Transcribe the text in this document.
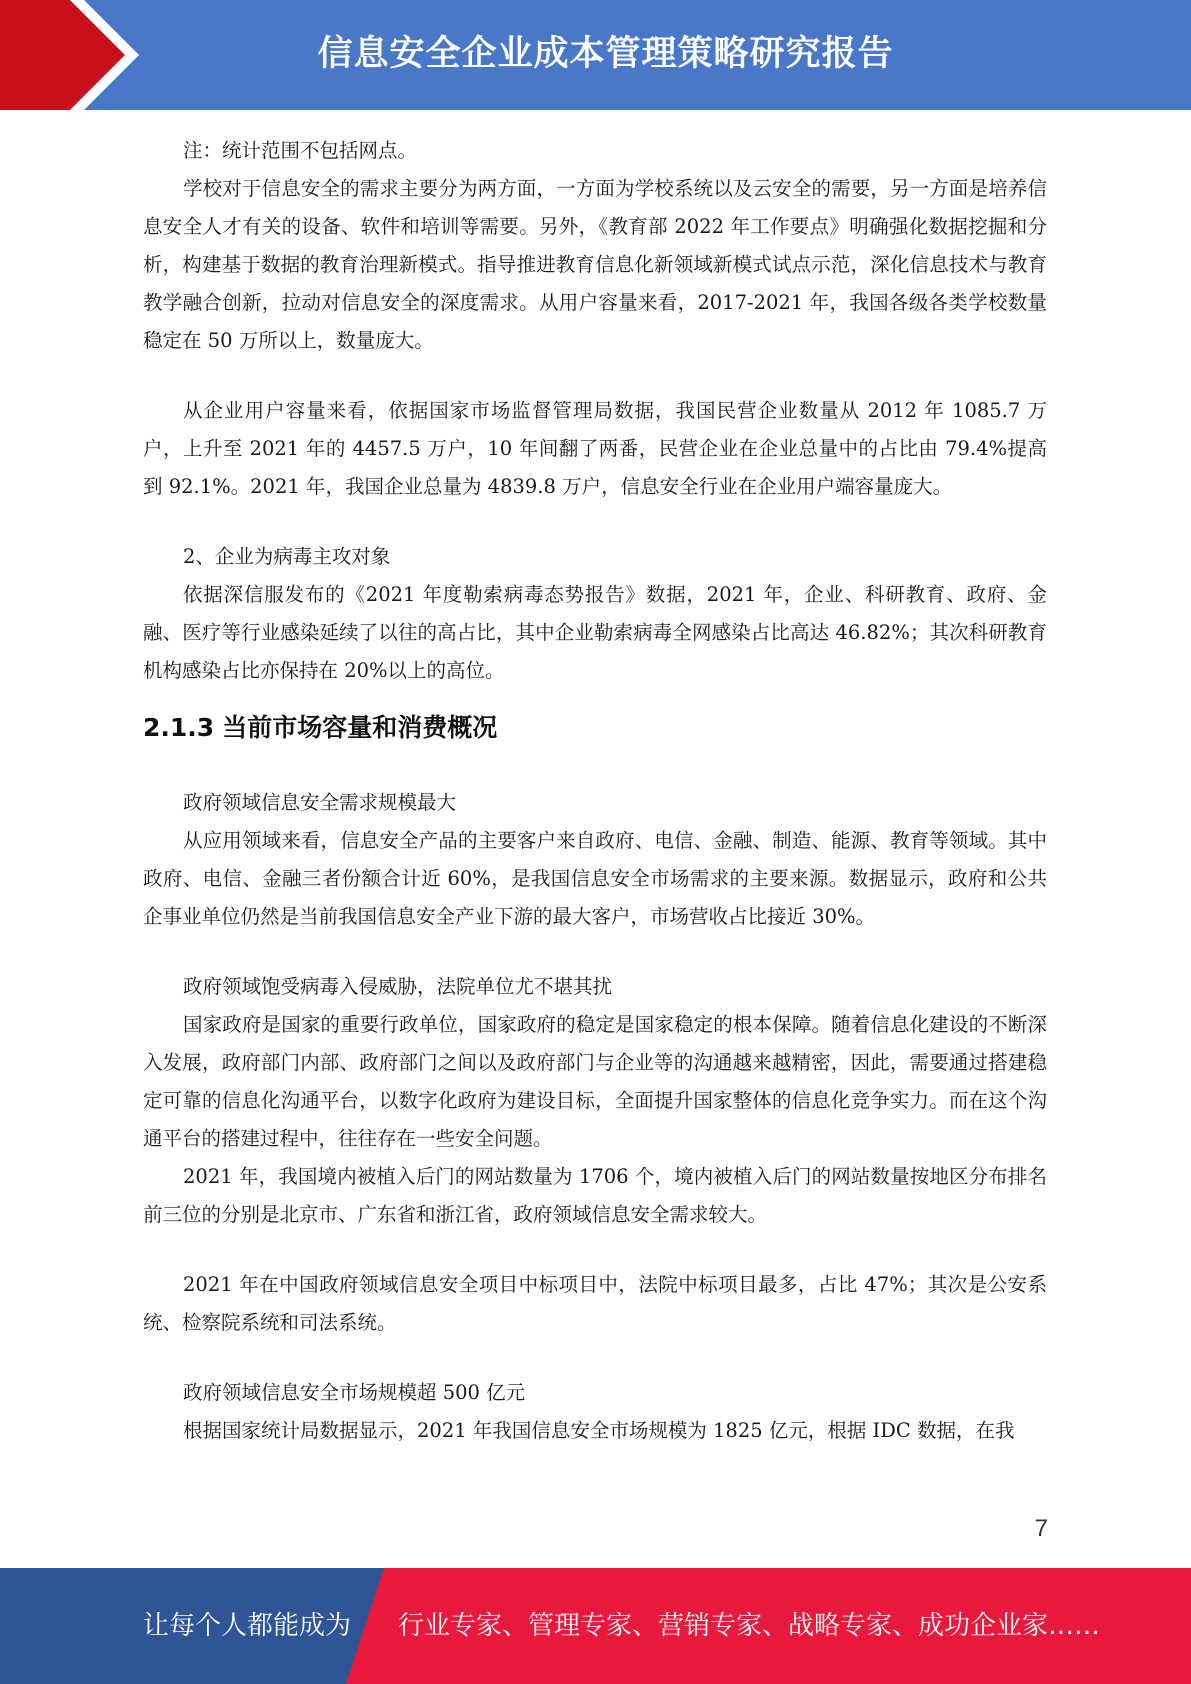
信息安全企业成本管理策略研究报告

注：统计范围不包括网点。

学校对于信息安全的需求主要分为两方面，一方面为学校系统以及云安全的需要，另一方面是培养信息安全人才有关的设备、软件和培训等需要。另外，《教育部 2022 年工作要点》明确强化数据挖掘和分析，构建基于数据的教育治理新模式。指导推进教育信息化新领域新模式试点示范，深化信息技术与教育教学融合创新，拉动对信息安全的深度需求。从用户容量来看，2017-2021 年，我国各级各类学校数量稳定在 50 万所以上，数量庞大。

从企业用户容量来看，依据国家市场监督管理局数据，我国民营企业数量从 2012 年 1085.7 万户，上升至 2021 年的 4457.5 万户，10 年间翻了两番，民营企业在企业总量中的占比由 79.4%提高到 92.1%。2021 年，我国企业总量为 4839.8 万户，信息安全行业在企业用户端容量庞大。

2、企业为病毒主攻对象

依据深信服发布的《2021 年度勒索病毒态势报告》数据，2021 年，企业、科研教育、政府、金融、医疗等行业感染延续了以往的高占比，其中企业勒索病毒全网感染占比高达 46.82%；其次科研教育机构感染占比亦保持在 20%以上的高位。

2.1.3 当前市场容量和消费概况

政府领域信息安全需求规模最大

从应用领域来看，信息安全产品的主要客户来自政府、电信、金融、制造、能源、教育等领域。其中政府、电信、金融三者份额合计近 60%，是我国信息安全市场需求的主要来源。数据显示，政府和公共企事业单位仍然是当前我国信息安全产业下游的最大客户，市场营收占比接近 30%。

政府领域饱受病毒入侵威胁，法院单位尤不堪其扰

国家政府是国家的重要行政单位，国家政府的稳定是国家稳定的根本保障。随着信息化建设的不断深入发展，政府部门内部、政府部门之间以及政府部门与企业等的沟通越来越精密，因此，需要通过搭建稳定可靠的信息化沟通平台，以数字化政府为建设目标，全面提升国家整体的信息化竞争实力。而在这个沟通平台的搭建过程中，往往存在一些安全问题。

2021 年，我国境内被植入后门的网站数量为 1706 个，境内被植入后门的网站数量按地区分布排名前三位的分别是北京市、广东省和浙江省，政府领域信息安全需求较大。

2021 年在中国政府领域信息安全项目中标项目中，法院中标项目最多，占比 47%；其次是公安系统、检察院系统和司法系统。

政府领域信息安全市场规模超 500 亿元

根据国家统计局数据显示，2021 年我国信息安全市场规模为 1825 亿元，根据 IDC 数据，在我

7
让每个人都能成为 行业专家、管理专家、营销专家、战略专家、成功企业家……
